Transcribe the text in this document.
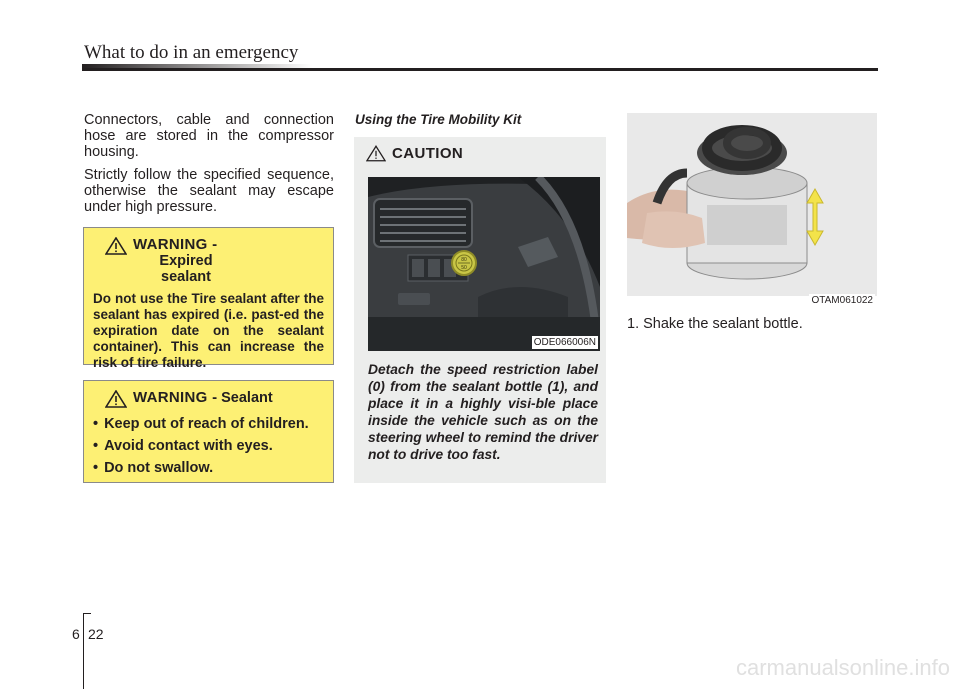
What to do in an emergency

Connectors, cable and connection hose are stored in the compressor housing.

Strictly follow the specified sequence, otherwise the sealant may escape under high pressure.

WARNING - Expired sealant
Do not use the Tire sealant after the sealant has expired (i.e. past-ed the expiration date on the sealant container). This can increase the risk of tire failure.
WARNING - Sealant
• Keep out of reach of children.
• Avoid contact with eyes.
• Do not swallow.
Using the Tire Mobility Kit
CAUTION
80
50
ODE066006N
Detach the speed restriction label (0) from the sealant bottle (1), and place it in a highly visi-ble place inside the vehicle such as on the steering wheel to remind the driver not to drive too fast.
OTAM061022
1. Shake the sealant bottle.
6 22
carmanualsonline.info
